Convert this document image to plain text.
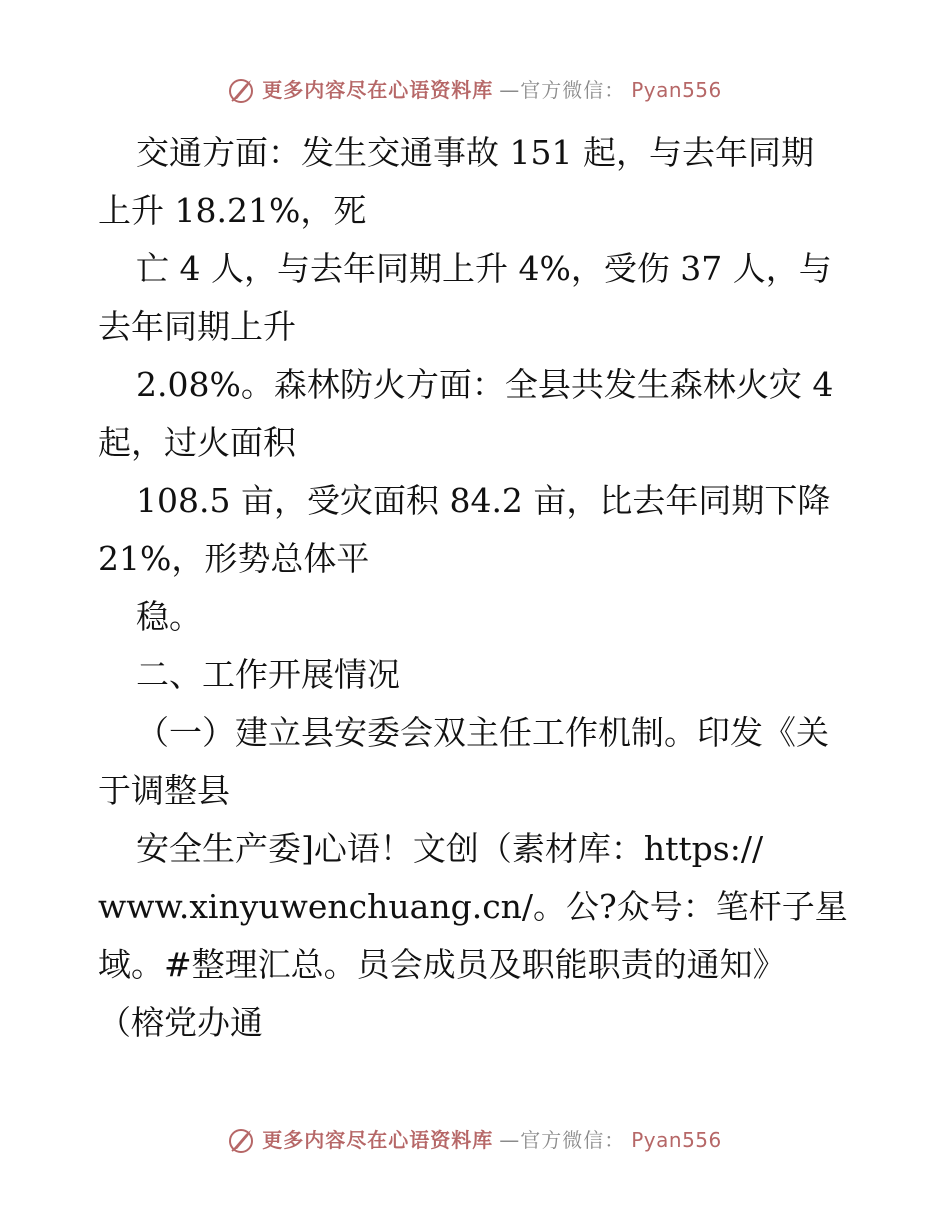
更多内容尽在心语资料库 —官方微信： Pyan556
交通方面：发生交通事故 151 起，与去年同期
上升 18.21%，死
亡 4 人，与去年同期上升 4%，受伤 37 人，与
去年同期上升
2.08%。森林防火方面：全县共发生森林火灾 4
起，过火面积
108.5 亩，受灾面积 84.2 亩，比去年同期下降
21%，形势总体平
稳。
二、工作开展情况
（一）建立县安委会双主任工作机制。印发《关
于调整县
安全生产委]心语！文创（素材库：https://
www.xinyuwenchuang.cn/。公?众号：笔杆子星
域。#整理汇总。员会成员及职能职责的通知》
（榕党办通
更多内容尽在心语资料库 —官方微信： Pyan556
